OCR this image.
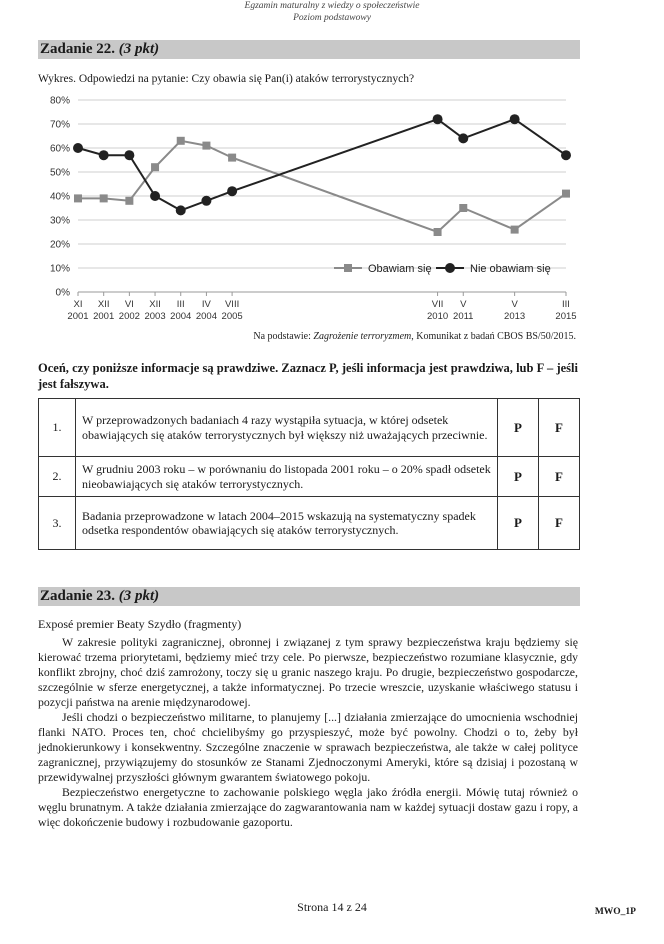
Egzamin maturalny z wiedzy o społeczeństwie
Poziom podstawowy
Zadanie 22. (3 pkt)
Wykres. Odpowiedzi na pytanie: Czy obawia się Pan(i) ataków terrorystycznych?
0%
10%
20%
30%
40%
50%
60%
70%
80%
XI
2001
XII
2001
VI
2002
XII
2003
III
2004
IV
2004
VIII
2005
VII
2010
V
2011
V
2013
III
2015
Obawiam się	Nie obawiam się
Na podstawie: Zagrożenie terroryzmem, Komunikat z badań CBOS BS/50/2015.
Oceń, czy poniższe informacje są prawdziwe. Zaznacz P, jeśli informacja jest prawdziwa, lub F – jeśli jest fałszywa.
1.	W przeprowadzonych badaniach 4 razy wystąpiła sytuacja, w której odsetek obawiających się ataków terrorystycznych był większy niż uważających przeciwnie.	P	F
2.	W grudniu 2003 roku – w porównaniu do listopada 2001 roku – o 20% spadł odsetek nieobawiających się ataków terrorystycznych.	P	F
3.	Badania przeprowadzone w latach 2004–2015 wskazują na systematyczny spadek odsetka respondentów obawiających się ataków terrorystycznych.	P	F
Zadanie 23. (3 pkt)
Exposé premier Beaty Szydło (fragmenty)

W zakresie polityki zagranicznej, obronnej i związanej z tym sprawy bezpieczeństwa kraju będziemy się kierować trzema priorytetami, będziemy mieć trzy cele. Po pierwsze, bezpieczeństwo rozumiane klasycznie, gdy konflikt zbrojny, choć dziś zamrożony, toczy się u granic naszego kraju. Po drugie, bezpieczeństwo gospodarcze, szczególnie w sferze energetycznej, a także informatycznej. Po trzecie wreszcie, uzyskanie właściwego statusu i pozycji państwa na arenie międzynarodowej.

Jeśli chodzi o bezpieczeństwo militarne, to planujemy [...] działania zmierzające do umocnienia wschodniej flanki NATO. Proces ten, choć chcielibyśmy go przyspieszyć, może być powolny. Chodzi o to, żeby był jednokierunkowy i konsekwentny. Szczególne znaczenie w sprawach bezpieczeństwa, ale także w całej polityce zagranicznej, przywiązujemy do stosunków ze Stanami Zjednoczonymi Ameryki, które są dzisiaj i pozostaną w przewidywalnej przyszłości głównym gwarantem światowego pokoju.

Bezpieczeństwo energetyczne to zachowanie polskiego węgla jako źródła energii. Mówię tutaj również o węglu brunatnym. A także działania zmierzające do zagwarantowania nam w każdej sytuacji dostaw gazu i ropy, a więc dokończenie budowy i rozbudowanie gazoportu.

Strona 14 z 24	MWO_1P
